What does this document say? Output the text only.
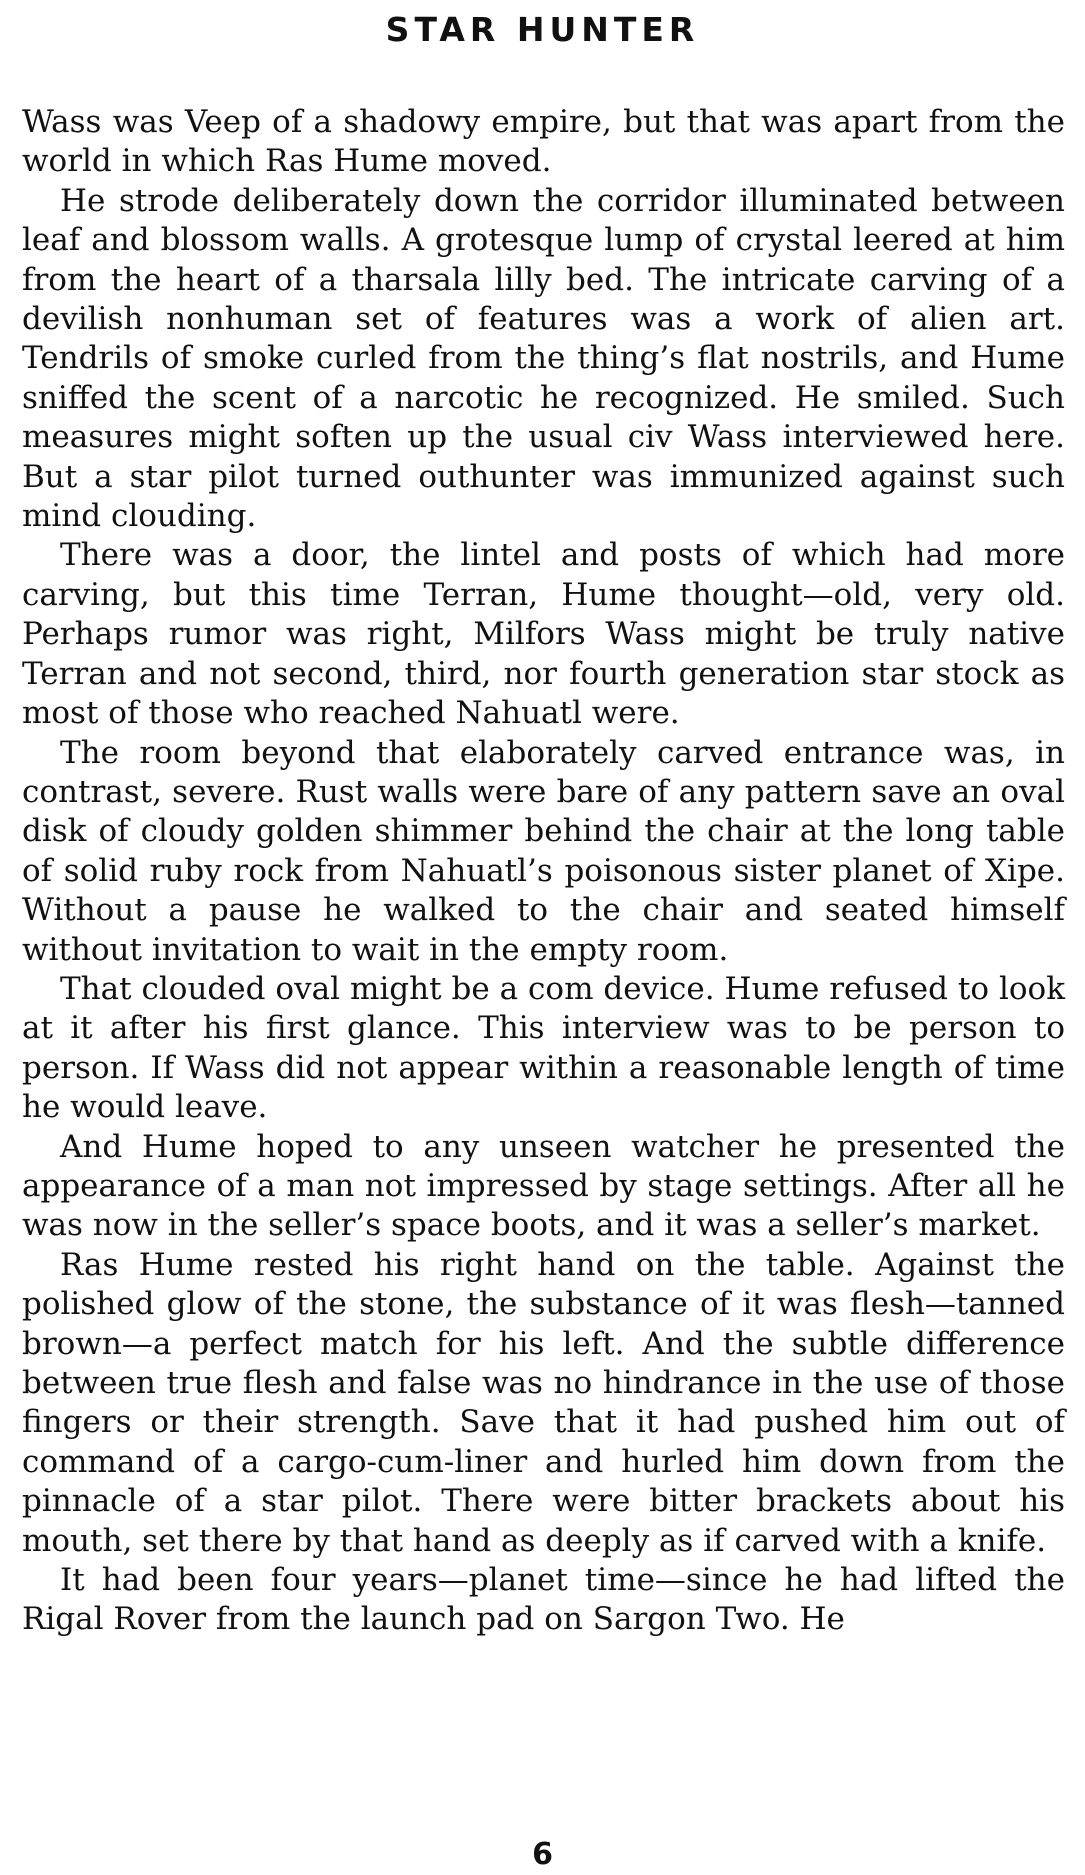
STAR HUNTER

Wass was Veep of a shadowy empire, but that was apart from the world in which Ras Hume moved.

He strode deliberately down the corridor illuminated between leaf and blossom walls. A grotesque lump of crystal leered at him from the heart of a tharsala lilly bed. The intricate carving of a devilish nonhuman set of features was a work of alien art. Tendrils of smoke curled from the thing’s flat nostrils, and Hume sniffed the scent of a narcotic he recognized. He smiled. Such measures might soften up the usual civ Wass interviewed here. But a star pilot turned outhunter was immunized against such mind clouding.

There was a door, the lintel and posts of which had more carving, but this time Terran, Hume thought—old, very old. Perhaps rumor was right, Milfors Wass might be truly native Terran and not second, third, nor fourth generation star stock as most of those who reached Nahuatl were.

The room beyond that elaborately carved entrance was, in contrast, severe. Rust walls were bare of any pattern save an oval disk of cloudy golden shimmer behind the chair at the long table of solid ruby rock from Nahuatl’s poisonous sister planet of Xipe. Without a pause he walked to the chair and seated himself without invitation to wait in the empty room.

That clouded oval might be a com device. Hume refused to look at it after his first glance. This interview was to be person to person. If Wass did not appear within a reasonable length of time he would leave.

And Hume hoped to any unseen watcher he presented the appearance of a man not impressed by stage settings. After all he was now in the seller’s space boots, and it was a seller’s market.

Ras Hume rested his right hand on the table. Against the polished glow of the stone, the substance of it was flesh—tanned brown—a perfect match for his left. And the subtle difference between true flesh and false was no hindrance in the use of those fingers or their strength. Save that it had pushed him out of command of a cargo-cum-liner and hurled him down from the pinnacle of a star pilot. There were bitter brackets about his mouth, set there by that hand as deeply as if carved with a knife.

It had been four years—planet time—since he had lifted the Rigal Rover from the launch pad on Sargon Two. He

6
